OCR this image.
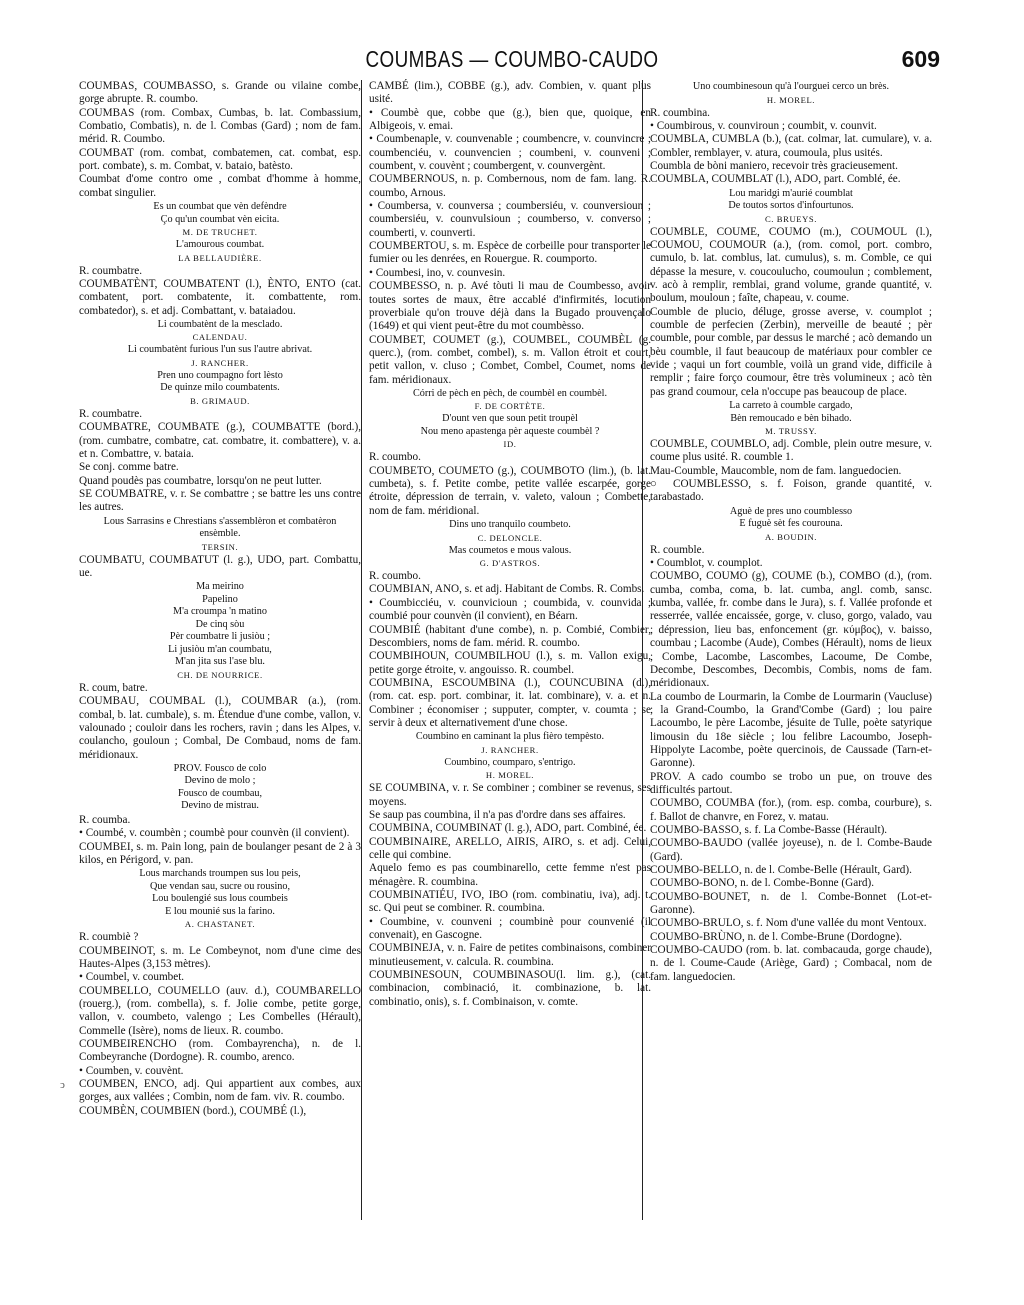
COUMBAS — COUMBO-CAUDO	609
COUMBAS, COUMBASSO, s. Grande ou vilaine combe, gorge abrupte. R. coumbo.
COUMBAS (rom. Combax, Cumbas, b. lat. Combassium, Combatio, Combatis), n. de l. Combas (Gard) ; nom de fam. mérid. R. Coumbo.
COUMBAT (rom. combat, combatemen, cat. combat, esp. port. combate), s. m. Combat, v. bataio, batèsto.
Coumbat d'ome contro ome , combat d'homme à homme, combat singulier.
Es un coumbat que vèn defèndre
Ço qu'un coumbat vèn eicita.
M. DE TRUCHET.
L'amourous coumbat.
LA BELLAUDIÈRE.
R. coumbatre.
COUMBATÈNT, COUMBATENT (l.), ÈNTO, ENTO (cat. combatent, port. combatente, it. combattente, rom. combatedor), s. et adj. Combattant, v. bataiadou.
Li coumbatènt de la mesclado.
CALENDAU.
Li coumbatènt furious l'un sus l'autre abrivat.
J. RANCHER.
Pren uno coumpagno fort lèsto
De quinze milo coumbatents.
B. GRIMAUD.
R. coumbatre.
COUMBATRE, COUMBATE (g.), COUMBATTE (bord.), (rom. cumbatre, combatre, cat. combatre, it. combattere), v. a. et n. Combattre, v. bataia.
Se conj. comme batre.
Quand poudès pas coumbatre, lorsqu'on ne peut lutter.
SE COUMBATRE, v. r. Se combattre ; se battre les uns contre les autres.
Lous Sarrasins e Chrestians s'assemblèron et combatèron ensèmble.
TERSIN.
COUMBATU, COUMBATUT (l. g.), UDO, part. Combattu, ue.
Ma meirino
Papelino
M'a croumpa 'n matino
De cinq sòu
Pèr coumbatre li jusiòu ;
Li jusiòu m'an coumbatu,
M'an jita sus l'ase blu.
CH. DE NOURRICE.
R. coum, batre.
COUMBAU, COUMBAL (l.), COUMBAR (a.), (rom. combal, b. lat. cumbale), s. m. Étendue d'une combe, vallon, v. valounado ; couloir dans les rochers, ravin ; dans les Alpes, v. coulancho, gouloun ; Combal, De Combaud, noms de fam. méridionaux.
PROV. Fousco de colo
Devino de molo ;
Fousco de coumbau,
Devino de mistrau.
R. coumba.
• Coumbé, v. coumbèn ; coumbè pour counvèn (il convient).
COUMBEI, s. m. Pain long, pain de boulanger pesant de 2 à 3 kilos, en Périgord, v. pan.
Lous marchands troumpen sus lou peis,
Que vendan sau, sucre ou rousino,
Lou boulengié sus lous coumbeis
E lou mounié sus la farino.
A. CHASTANET.
R. coumbiè ?
COUMBEINOT, s. m. Le Combeynot, nom d'une cime des Hautes-Alpes (3,153 mètres).
• Coumbel, v. coumbet.
COUMBELLO, COUMELLO (auv. d.), COUMBARELLO (rouerg.), (rom. combella), s. f. Jolie combe, petite gorge, vallon, v. coumbeto, valengo ; Les Combelles (Hérault), Commelle (Isère), noms de lieux. R. coumbo.
COUMBEIRENCHO (rom. Combayrencha), n. de l. Combeyranche (Dordogne). R. coumbo, arenco.
• Coumben, v. couvènt.
COUMBEN, ENCO, adj. Qui appartient aux combes, aux gorges, aux vallées ; Combin, nom de fam. viv. R. coumbo.
COUMBÈN, COUMBIEN (bord.), COUMBÉ (l.),
CAMBÉ (lim.), COBBE (g.), adv. Combien, v. quant plus usité.
• Coumbè que, cobbe que (g.), bien que, quoique, en Albigeois, v. emai.
• Coumbenaple, v. counvenable ; coumbencre, v. counvincre ; coumbenciéu, v. counvencien ; coumbeni, v. counveni ; coumbent, v. couvènt ; coumbergent, v. counvergènt.
COUMBERNOUS, n. p. Combernous, nom de fam. lang. R. coumbo, Arnous.
• Coumbersa, v. counversa ; coumbersiéu, v. counversioun ; coumbersiéu, v. counvulsioun ; coumberso, v. converso ; coumberti, v. counverti.
COUMBERTOU, s. m. Espèce de corbeille pour transporter le fumier ou les denrées, en Rouergue. R. coumporto.
• Coumbesi, ino, v. counvesin.
COUMBESSO, n. p. Avé tòuti li mau de Coumbesso, avoir toutes sortes de maux, être accablé d'infirmités, locution proverbiale qu'on trouve déjà dans la Bugado prouvençalo (1649) et qui vient peut-être du mot coumbèsso.
COUMBET, COUMET (g.), COUMBEL, COUMBÈL (g. querc.), (rom. combet, combel), s. m. Vallon étroit et court, petit vallon, v. cluso ; Combet, Combel, Coumet, noms de fam. méridionaux.
Córri de pèch en pèch, de coumbèl en coumbèl.
F. DE CORTÈTE.
D'ount ven que soun petit troupèl
Nou meno apastenga pèr aqueste coumbèl ?
ID.
R. coumbo.
COUMBETO, COUMETO (g.), COUMBOTO (lim.), (b. lat. cumbeta), s. f. Petite combe, petite vallée escarpée, gorge étroite, dépression de terrain, v. valeto, valoun ; Combette, nom de fam. méridional.
Dins uno tranquilo coumbeto.
C. DELONCLE.
Mas coumetos e mous valous.
G. D'ASTROS.
R. coumbo.
COUMBIAN, ANO, s. et adj. Habitant de Combs. R. Combs.
• Coumbicciéu, v. counvicioun ; coumbida, v. counvida ; coumbié pour counvèn (il convient), en Béarn.
COUMBIÉ (habitant d'une combe), n. p. Combié, Combier, Descombiers, noms de fam. mérid. R. coumbo.
COUMBIHOUN, COUMBILHOU (l.), s. m. Vallon exigu, petite gorge étroite, v. angouisso. R. coumbel.
COUMBINA, ESCOUMBINA (l.), COUNCUBINA (d.), (rom. cat. esp. port. combinar, it. lat. combinare), v. a. et n. Combiner ; économiser ; supputer, compter, v. coumta ; se servir à deux et alternativement d'une chose.
Coumbino en caminant la plus fièro tempèsto.
J. RANCHER.
Coumbino, coumparo, s'entrigo.
H. MOREL.
SE COUMBINA, v. r. Se combiner ; combiner se revenus, ses moyens.
Se saup pas coumbina, il n'a pas d'ordre dans ses affaires.
COUMBINA, COUMBINAT (l. g.), ADO, part. Combiné, ée.
COUMBINAIRE, ARELLO, AIRIS, AIRO, s. et adj. Celui, celle qui combine.
Aquelo femo es pas coumbinarello, cette femme n'est pas ménagère. R. coumbina.
COUMBINATIÉU, IVO, IBO (rom. combinatiu, iva), adj. t. sc. Qui peut se combiner. R. coumbina.
• Coumbine, v. counveni ; coumbinè pour counvenié (il convenait), en Gascogne.
COUMBINEJA, v. n. Faire de petites combinaisons, combiner minutieusement, v. calcula. R. coumbina.
COUMBINESOUN, COUMBINASOU(l. lim. g.), (cat. combinacion, combinació, it. combinazione, b. lat. combinatio, onis), s. f. Combinaison, v. comte.
Uno coumbinesoun qu'à l'ourguei cerco un brès.
H. MOREL.
R. coumbina.
• Coumbirous, v. counviroun ; coumbit, v. counvit.
COUMBLA, CUMBLA (b.), (cat. colmar, lat. cumulare), v. a. Combler, remblayer, v. atura, coumoula, plus usités.
Coumbla de bòni maniero, recevoir très gracieusement.
COUMBLA, COUMBLAT (l.), ADO, part. Comblé, ée.
Lou maridgi m'aurié coumblat
De toutos sortos d'infourtunos.
C. BRUEYS.
COUMBLE, COUME, COUMO (m.), COUMOUL (l.), COUMOU, COUMOUR (a.), (rom. comol, port. combro, cumulo, b. lat. comblus, lat. cumulus), s. m. Comble, ce qui dépasse la mesure, v. coucoulucho, coumoulun ; comblement, v. acò à remplir, remblai, grand volume, grande quantité, v. boulum, mouloun ; faîte, chapeau, v. coume.
Coumble de plucio, déluge, grosse averse, v. coumplot ; coumble de perfecien (Zerbin), merveille de beauté ; pèr coumble, pour comble, par dessus le marché ; acò demando un bèu coumble, il faut beaucoup de matériaux pour combler ce vide ; vaqui un fort coumble, voilà un grand vide, difficile à remplir ; faire forço coumour, être très volumineux ; acò tèn pas grand coumour, cela n'occupe pas beaucoup de place.
La carreto à coumble cargado,
Bèn remoucado e bèn bihado.
M. TRUSSY.
COUMBLE, COUMBLO, adj. Comble, plein outre mesure, v. coume plus usité. R. coumble 1.
Mau-Coumble, Maucomble, nom de fam. languedocien.
○ COUMBLESSO, s. f. Foison, grande quantité, v. tarabastado.
Aguè de pres uno coumblesso
E fuguè sèt fes courouna.
A. BOUDIN.
R. coumble.
• Coumblot, v. coumplot.
COUMBO, COUMO (g), COUME (b.), COMBO (d.), (rom. cumba, comba, coma, b. lat. cumba, angl. comb, sansc. kumba, vallée, fr. combe dans le Jura), s. f. Vallée profonde et resserrée, vallée encaissée, gorge, v. cluso, gorgo, valado, vau ; dépression, lieu bas, enfoncement (gr. κύμβος), v. baisso, coumbau ; Lacombe (Aude), Combes (Hérault), noms de lieux ; Combe, Lacombe, Lascombes, Lacoume, De Combe, Decombe, Descombes, Decombis, Combis, noms de fam. méridionaux.
La coumbo de Lourmarin, la Combe de Lourmarin (Vaucluse) ; la Grand-Coumbo, la Grand'Combe (Gard) ; lou paire Lacoumbo, le père Lacombe, jésuite de Tulle, poète satyrique limousin du 18e siècle ; lou felibre Lacoumbo, Joseph-Hippolyte Lacombe, poète quercinois, de Caussade (Tarn-et-Garonne).
PROV. A cado coumbo se trobo un pue, on trouve des difficultés partout.
COUMBO, COUMBA (for.), (rom. esp. comba, courbure), s. f. Ballot de chanvre, en Forez, v. matau.
COUMBO-BASSO, s. f. La Combe-Basse (Hérault).
COUMBO-BAUDO (vallée joyeuse), n. de l. Combe-Baude (Gard).
COUMBO-BELLO, n. de l. Combe-Belle (Hérault, Gard).
COUMBO-BONO, n. de l. Combe-Bonne (Gard).
COUMBO-BOUNET, n. de l. Combe-Bonnet (Lot-et-Garonne).
COUMBO-BRULO, s. f. Nom d'une vallée du mont Ventoux.
COUMBO-BRÙNO, n. de l. Combe-Brune (Dordogne).
COUMBO-CAUDO (rom. b. lat. combacauda, gorge chaude), n. de l. Coume-Caude (Ariège, Gard) ; Combacal, nom de fam. languedocien.
ↄ
